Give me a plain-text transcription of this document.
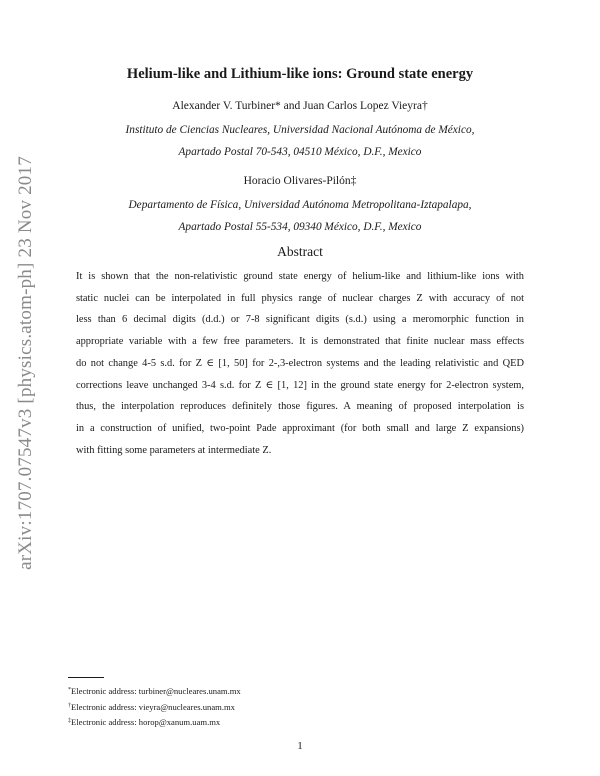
arXiv:1707.07547v3 [physics.atom-ph] 23 Nov 2017
Helium-like and Lithium-like ions: Ground state energy
Alexander V. Turbiner* and Juan Carlos Lopez Vieyra†
Instituto de Ciencias Nucleares, Universidad Nacional Autónoma de México,
Apartado Postal 70-543, 04510 México, D.F., Mexico
Horacio Olivares-Pilón‡
Departamento de Física, Universidad Autónoma Metropolitana-Iztapalapa,
Apartado Postal 55-534, 09340 México, D.F., Mexico
Abstract
It is shown that the non-relativistic ground state energy of helium-like and lithium-like ions with
static nuclei can be interpolated in full physics range of nuclear charges Z with accuracy of not
less than 6 decimal digits (d.d.) or 7-8 significant digits (s.d.) using a meromorphic function in
appropriate variable with a few free parameters. It is demonstrated that finite nuclear mass effects
do not change 4-5 s.d. for Z ∈ [1, 50] for 2-,3-electron systems and the leading relativistic and QED
corrections leave unchanged 3-4 s.d. for Z ∈ [1, 12] in the ground state energy for 2-electron system,
thus, the interpolation reproduces definitely those figures. A meaning of proposed interpolation is
in a construction of unified, two-point Pade approximant (for both small and large Z expansions)
with fitting some parameters at intermediate Z.
*Electronic address: turbiner@nucleares.unam.mx
†Electronic address: vieyra@nucleares.unam.mx
‡Electronic address: horop@xanum.uam.mx
1
